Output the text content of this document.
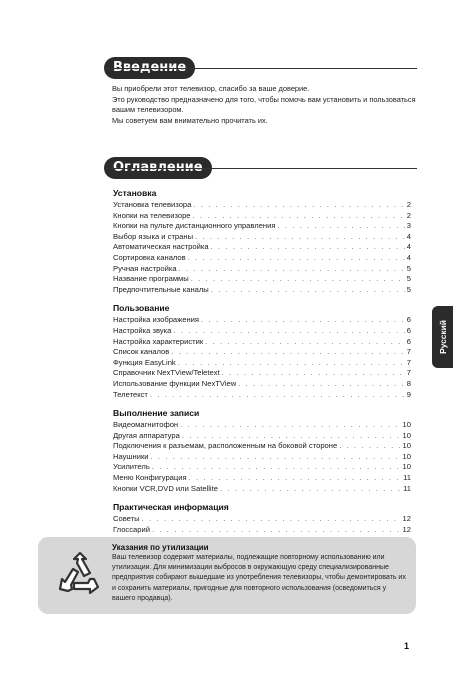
Введение

Вы приобрели этот телевизор, спасибо за ваше доверие.

Это руководство предназначено для того, чтобы помочь вам установить и пользоваться вашим телевизором.

Мы советуем вам внимательно прочитать их.

Оглавление
Установка
Установка телевизора . . .	2
Кнопки на телевизоре . . .	2
Кнопки на пульте дистанционного управления . . .	3
Выбор языка и страны . . .	4
Автоматическая настройка . . .	4
Сортировка каналов . . .	4
Ручная настройка . . .	5
Название программы . . .	5
Предпочтительные каналы . . .	5
Пользование
Настройка изображения . . .	6
Настройка звука . . .	6
Настройка характеристик . . .	6
Список каналов . . .	7
Функция EasyLink . . .	7
Справочник NexTView/Teletext . . .	7
Использование функции NexTView . . .	8
Телетекст . . .	9
Выполнение записи
Видеомагнитофон . . .	10
Другая аппаратура . . .	10
Подключения к разъемам, расположенным на боковой стороне . . .	10
Наушники . . .	10
Усилитель . . .	10
Меню Конфигурация . . .	11
Кнопки VCR,DVD или Satellite . . .	11
Практическая информация
Советы . . .	12
Глоссарий . . .	12
Русский
Указания по утилизации
Ваш телевизор содержит материалы, подлежащие повторному использованию или утилизации. Для минимизации выбросов в окружающую среду специализированные предприятия собирают вышедшие из употребления телевизоры, чтобы демонтировать их и сохранить материалы, пригодные для повторного использования (осведомиться у вашего продавца).
1
